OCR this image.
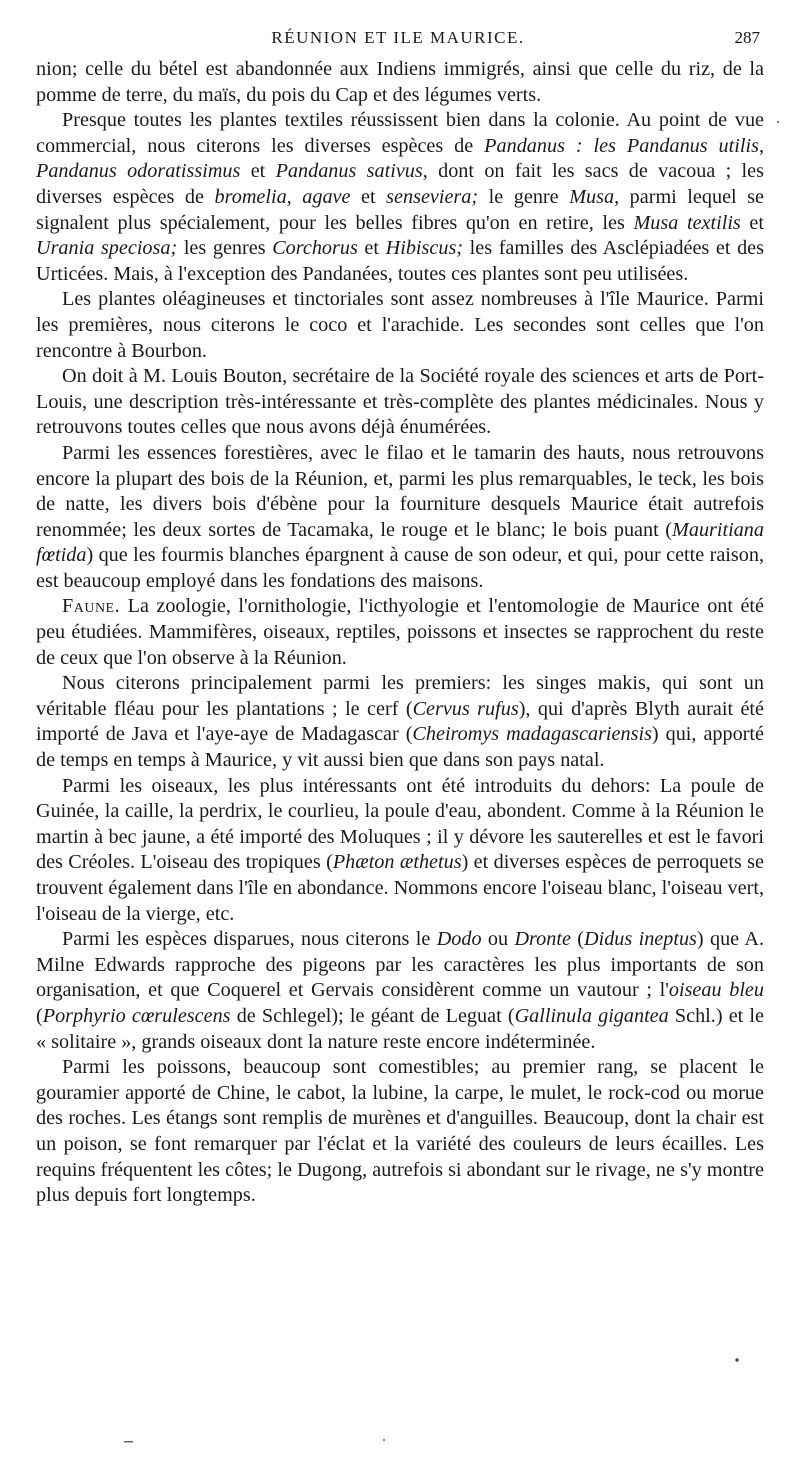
RÉUNION ET ILE MAURICE.	287

nion; celle du bétel est abandonnée aux Indiens immigrés, ainsi que celle du riz, de la pomme de terre, du maïs, du pois du Cap et des légumes verts.

Presque toutes les plantes textiles réussissent bien dans la colonie. Au point de vue commercial, nous citerons les diverses espèces de Pandanus : les Pandanus utilis, Pandanus odoratissimus et Pandanus sativus, dont on fait les sacs de vacoua ; les diverses espèces de bromelia, agave et senseviera; le genre Musa, parmi lequel se signalent plus spécialement, pour les belles fibres qu'on en retire, les Musa textilis et Urania speciosa; les genres Corchorus et Hibiscus; les familles des Asclépiadées et des Urticées. Mais, à l'exception des Pandanées, toutes ces plantes sont peu utilisées.

Les plantes oléagineuses et tinctoriales sont assez nombreuses à l'île Maurice. Parmi les premières, nous citerons le coco et l'arachide. Les secondes sont celles que l'on rencontre à Bourbon.

On doit à M. Louis Bouton, secrétaire de la Société royale des sciences et arts de Port-Louis, une description très-intéressante et très-complète des plantes médicinales. Nous y retrouvons toutes celles que nous avons déjà énumérées.

Parmi les essences forestières, avec le filao et le tamarin des hauts, nous retrouvons encore la plupart des bois de la Réunion, et, parmi les plus remarquables, le teck, les bois de natte, les divers bois d'ébène pour la fourniture desquels Maurice était autrefois renommée; les deux sortes de Tacamaka, le rouge et le blanc; le bois puant (Mauritiana fœtida) que les fourmis blanches épargnent à cause de son odeur, et qui, pour cette raison, est beaucoup employé dans les fondations des maisons.

Faune. La zoologie, l'ornithologie, l'icthyologie et l'entomologie de Maurice ont été peu étudiées. Mammifères, oiseaux, reptiles, poissons et insectes se rapprochent du reste de ceux que l'on observe à la Réunion.

Nous citerons principalement parmi les premiers: les singes makis, qui sont un véritable fléau pour les plantations ; le cerf (Cervus rufus), qui d'après Blyth aurait été importé de Java et l'aye-aye de Madagascar (Cheiromys madagascariensis) qui, apporté de temps en temps à Maurice, y vit aussi bien que dans son pays natal.

Parmi les oiseaux, les plus intéressants ont été introduits du dehors: La poule de Guinée, la caille, la perdrix, le courlieu, la poule d'eau, abondent. Comme à la Réunion le martin à bec jaune, a été importé des Moluques ; il y dévore les sauterelles et est le favori des Créoles. L'oiseau des tropiques (Phæton æthetus) et diverses espèces de perroquets se trouvent également dans l'île en abondance. Nommons encore l'oiseau blanc, l'oiseau vert, l'oiseau de la vierge, etc.

Parmi les espèces disparues, nous citerons le Dodo ou Dronte (Didus ineptus) que A. Milne Edwards rapproche des pigeons par les caractères les plus importants de son organisation, et que Coquerel et Gervais considèrent comme un vautour ; l'oiseau bleu (Porphyrio cœrulescens de Schlegel); le géant de Leguat (Gallinula gigantea Schl.) et le « solitaire », grands oiseaux dont la nature reste encore indéterminée.

Parmi les poissons, beaucoup sont comestibles; au premier rang, se placent le gouramier apporté de Chine, le cabot, la lubine, la carpe, le mulet, le rock-cod ou morue des roches. Les étangs sont remplis de murènes et d'anguilles. Beaucoup, dont la chair est un poison, se font remarquer par l'éclat et la variété des couleurs de leurs écailles. Les requins fréquentent les côtes; le Dugong, autrefois si abondant sur le rivage, ne s'y montre plus depuis fort longtemps.
